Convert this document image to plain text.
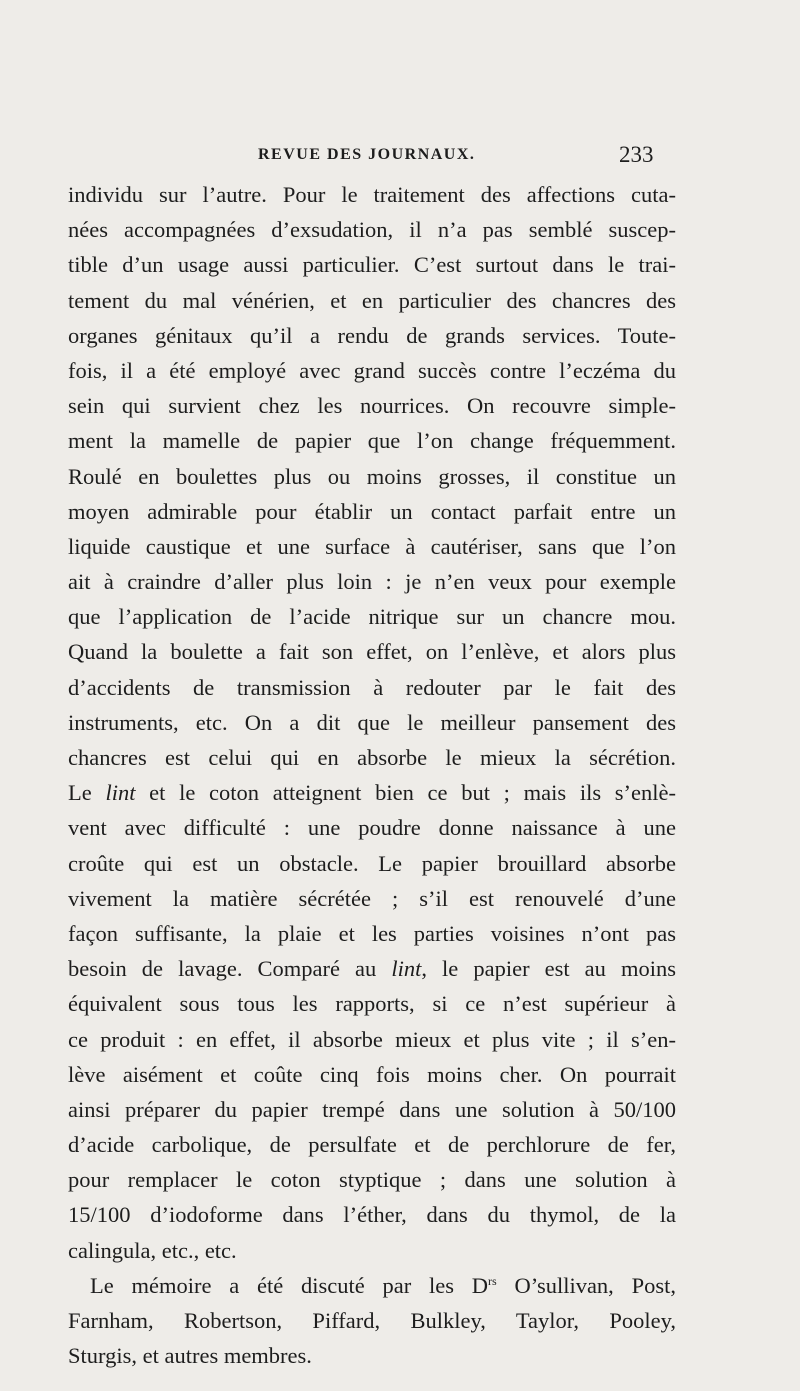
REVUE DES JOURNAUX.	233
individu sur l’autre. Pour le traitement des affections cuta-
nées accompagnées d’exsudation, il n’a pas semblé suscep-
tible d’un usage aussi particulier. C’est surtout dans le trai-
tement du mal vénérien, et en particulier des chancres des
organes génitaux qu’il a rendu de grands services. Toute-
fois, il a été employé avec grand succès contre l’eczéma du
sein qui survient chez les nourrices. On recouvre simple-
ment la mamelle de papier que l’on change fréquemment.
Roulé en boulettes plus ou moins grosses, il constitue un
moyen admirable pour établir un contact parfait entre un
liquide caustique et une surface à cautériser, sans que l’on
ait à craindre d’aller plus loin : je n’en veux pour exemple
que l’application de l’acide nitrique sur un chancre mou.
Quand la boulette a fait son effet, on l’enlève, et alors plus
d’accidents de transmission à redouter par le fait des
instruments, etc. On a dit que le meilleur pansement des
chancres est celui qui en absorbe le mieux la sécrétion.
Le lint et le coton atteignent bien ce but ; mais ils s’enlè-
vent avec difficulté : une poudre donne naissance à une
croûte qui est un obstacle. Le papier brouillard absorbe
vivement la matière sécrétée ; s’il est renouvelé d’une
façon suffisante, la plaie et les parties voisines n’ont pas
besoin de lavage. Comparé au lint, le papier est au moins
équivalent sous tous les rapports, si ce n’est supérieur à
ce produit : en effet, il absorbe mieux et plus vite ; il s’en-
lève aisément et coûte cinq fois moins cher. On pourrait
ainsi préparer du papier trempé dans une solution à 50/100
d’acide carbolique, de persulfate et de perchlorure de fer,
pour remplacer le coton styptique ; dans une solution à
15/100 d’iodoforme dans l’éther, dans du thymol, de la
calingula, etc., etc.
Le mémoire a été discuté par les $D^{rs}$ O’sullivan, Post,
Farnham, Robertson, Piffard, Bulkley, Taylor, Pooley,
Sturgis, et autres membres.
